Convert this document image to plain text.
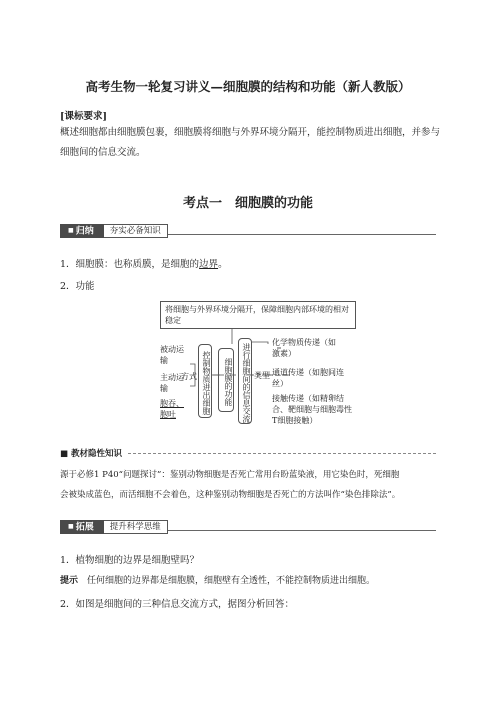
高考生物一轮复习讲义—细胞膜的结构和功能（新人教版）
[课标要求]
概述细胞都由细胞膜包裹，细胞膜将细胞与外界环境分隔开，能控制物质进出细胞，并参与
细胞间的信息交流。
考点一　细胞膜的功能
■ 归纳	夯实必备知识
1．细胞膜：也称质膜，是细胞的边界。
2．功能
将细胞与外界环境分隔开，保障细胞内部环境的相对稳定
被动运输
主动运输
胞吞、胞吐
方式 控制物质进出细胞	细胞膜的功能	进行细胞间的信息交流 类型
化学物质传递（如激素）
通道传递（如胞间连丝）
接触传递（如精卵结合、靶细胞与细胞毒性T细胞接触）
■ 教材隐性知识
源于必修1 P40“问题探讨”：鉴别动物细胞是否死亡常用台盼蓝染液，用它染色时，死细胞
会被染成蓝色，而活细胞不会着色，这种鉴别动物细胞是否死亡的方法叫作“染色排除法”。
■ 拓展	提升科学思维
1．植物细胞的边界是细胞壁吗？
提示　 任何细胞的边界都是细胞膜，细胞壁有全透性，不能控制物质进出细胞。
2．如图是细胞间的三种信息交流方式，据图分析回答：
